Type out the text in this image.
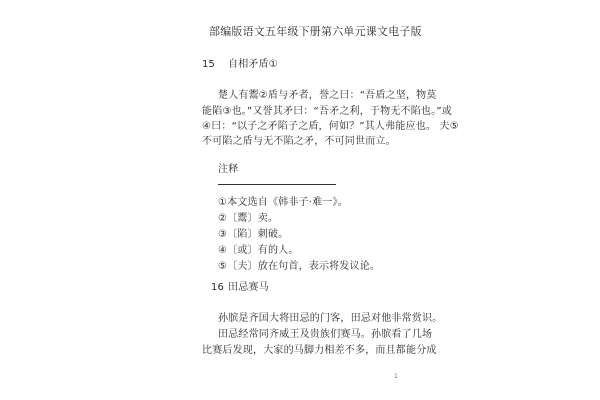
部编版语文五年级下册第六单元课文电子版
15 自相矛盾①
楚人有鬻②盾与矛者，誉之曰：“吾盾之坚，物莫
能陷③也。”又誉其矛曰：“吾矛之利，于物无不陷也。”或
④曰：“以子之矛陷子之盾，何如？”其人弗能应也。 夫⑤
不可陷之盾与无不陷之矛，不可同世而立。
注释
①本文选自《韩非子·难一》。
②〔鬻〕卖。
③〔陷〕刺破。
④〔或〕有的人。
⑤〔夫〕放在句首，表示将发议论。
16 田忌赛马
孙膑是齐国大将田忌的门客，田忌对他非常赏识。
田忌经常同齐威王及贵族们赛马。孙膑看了几场
比赛后发现，大家的马脚力相差不多，而且都能分成
1
